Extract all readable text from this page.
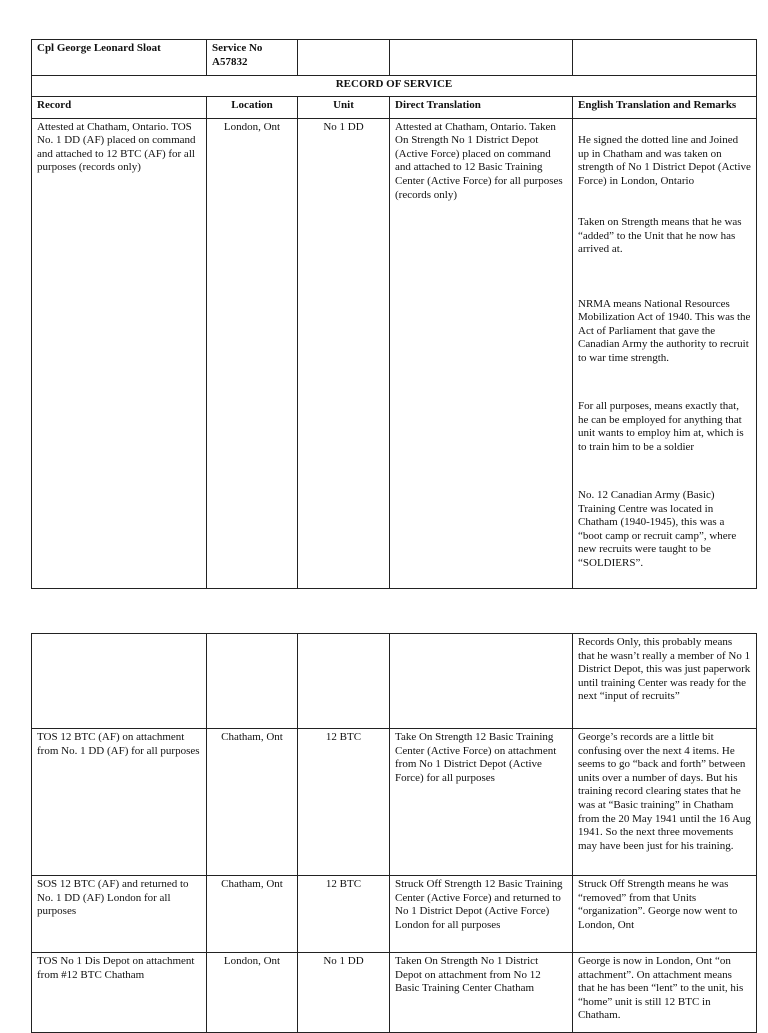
Cpl George Leonard Sloat	Service No
A57832			
RECORD OF SERVICE				
Record	Location	Unit	Direct Translation	English Translation and Remarks
Attested at Chatham, Ontario. TOS No. 1 DD (AF) placed on command and attached to 12 BTC (AF) for all purposes (records only)	London, Ont	No 1 DD	Attested at Chatham, Ontario. Taken On Strength No 1 District Depot (Active Force) placed on command and attached to 12 Basic Training Center (Active Force) for all purposes (records only)	He signed the dotted line and Joined up in Chatham and was taken on strength of No 1 District Depot (Active Force) in London, Ontario

Taken on Strength means that he was “added” to the Unit that he now has arrived at.

NRMA means National Resources Mobilization Act of 1940. This was the Act of Parliament that gave the Canadian Army the authority to recruit to war time strength.

For all purposes, means exactly that, he can be employed for anything that unit wants to employ him at, which is to train him to be a soldier

No. 12 Canadian Army (Basic) Training Centre was located in Chatham (1940-1945), this was a “boot camp or recruit camp”, where new recruits were taught to be “SOLDIERS”.

				Records Only, this probably means that he wasn’t really a member of No 1 District Depot, this was just paperwork until training Center was ready for the next “input of recruits”
TOS 12 BTC (AF) on attachment from No. 1 DD (AF) for all purposes	Chatham, Ont	12 BTC	Take On Strength 12 Basic Training Center (Active Force) on attachment from No 1 District Depot (Active Force) for all purposes	George’s records are a little bit confusing over the next 4 items. He seems to go “back and forth” between units over a number of days. But his training record clearing states that he was at “Basic training” in Chatham from the 20 May 1941 until the 16 Aug 1941. So the next three movements may have been just for his training.
SOS 12 BTC (AF) and returned to No. 1 DD (AF) London for all purposes	Chatham, Ont	12 BTC	Struck Off Strength 12 Basic Training Center (Active Force) and returned to No 1 District Depot (Active Force) London for all purposes	Struck Off Strength means he was “removed” from that Units “organization”. George now went to London, Ont
TOS No 1 Dis Depot on attachment from #12 BTC Chatham	London, Ont	No 1 DD	Taken On Strength No 1 District Depot on attachment from No 12 Basic Training Center Chatham	George is now in London, Ont “on attachment”. On attachment means that he has been “lent” to the unit, his “home” unit is still 12 BTC in Chatham.
